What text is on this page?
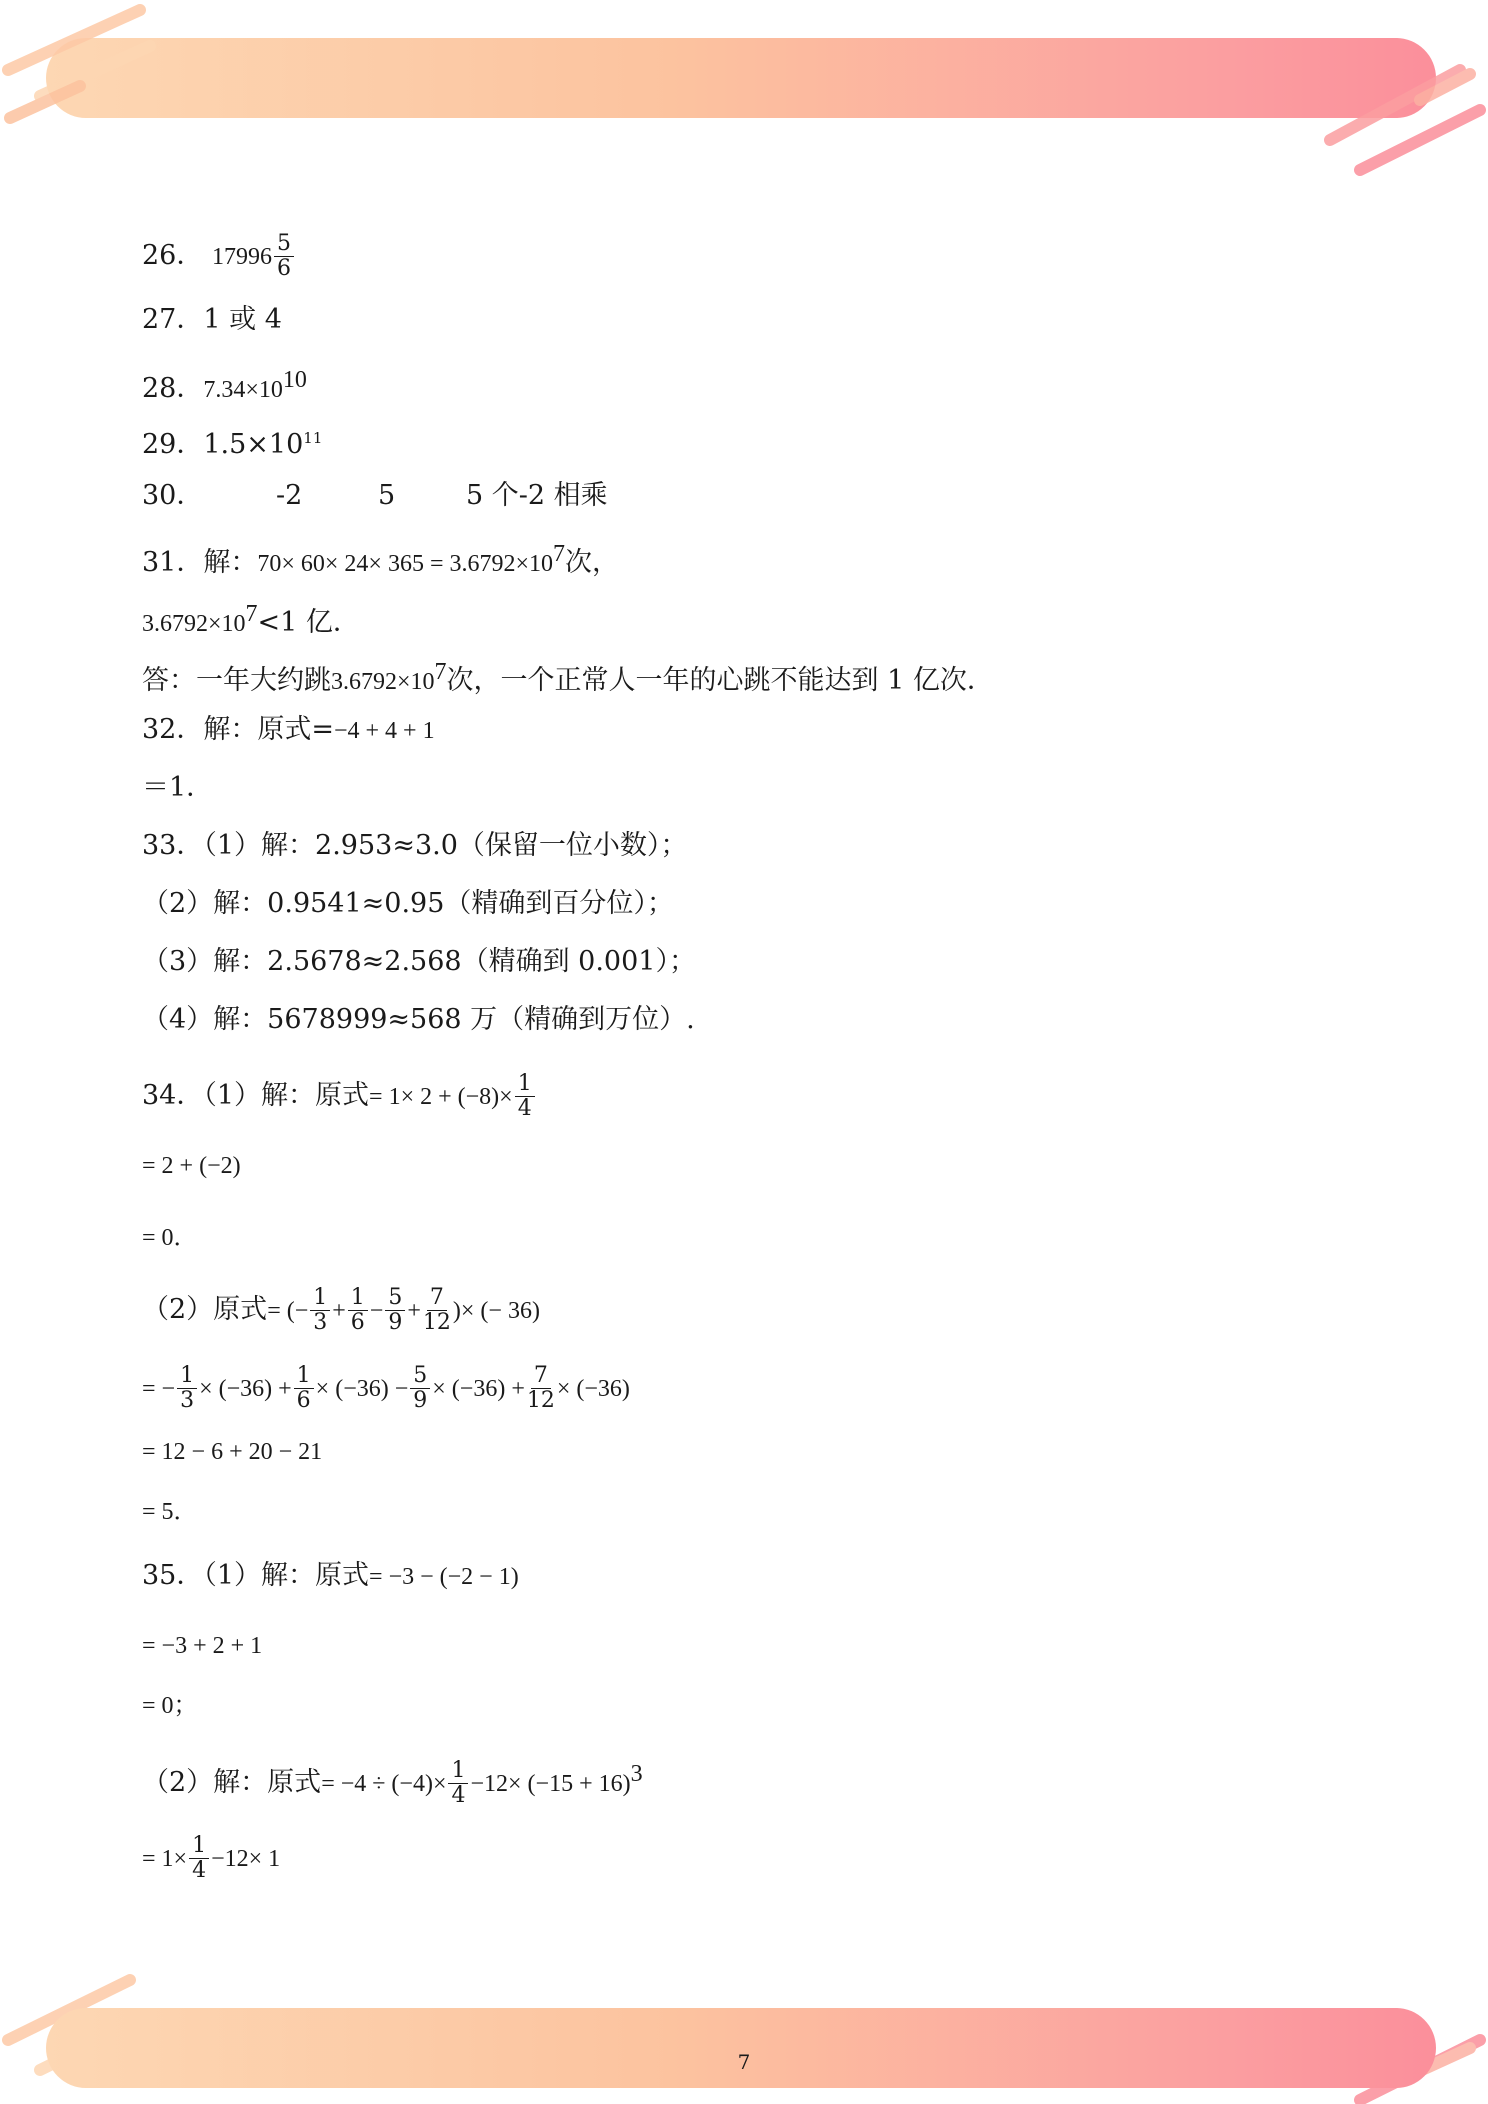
7
26． $17996 \frac{5}{6}$
27．1 或 4
28．$7.34\times 10^{10}$
29．$1.5\times 10^{11}$
30．	-2	5	5 个-2 相乘
31．解：$70\times 60\times 24\times 365 = 3.6792\times 10^7$次，
$3.6792\times 10^7<1$ 亿．
答：一年大约跳$3.6792\times 10^7$次，一个正常人一年的心跳不能达到 1 亿次．
32．解：原式=−4 + 4 + 1
＝1．
33．（1）解：2.953≈3.0（保留一位小数）；
（2）解：0.9541≈0.95（精确到百分位）；
（3）解：2.5678≈2.568（精确到 0.001）；
（4）解：5678999≈568 万（精确到万位）.
34．（1）解：原式= $1\times 2 + (-8)\times \frac{1}{4}$
= 2 + (−2)
= 0．
（2）原式= (− $\frac{1}{3} + \frac{1}{6} - \frac{5}{9} + \frac{7}{12}$ )× (− 36)
= − $\frac{1}{3} \times (-36) + \frac{1}{6} \times (-36) - \frac{5}{9} \times (-36) + \frac{7}{12} \times (-36)$
= 12 − 6 + 20 − 21
= 5．
35．（1）解：原式= −3 − (−2 − 1)
= −3 + 2 + 1
= 0；
（2）解：原式= $-4 \div (-4)\times \frac{1}{4} -12\times (-15 + 16)^3$
= $1\times \frac{1}{4} -12\times 1$
